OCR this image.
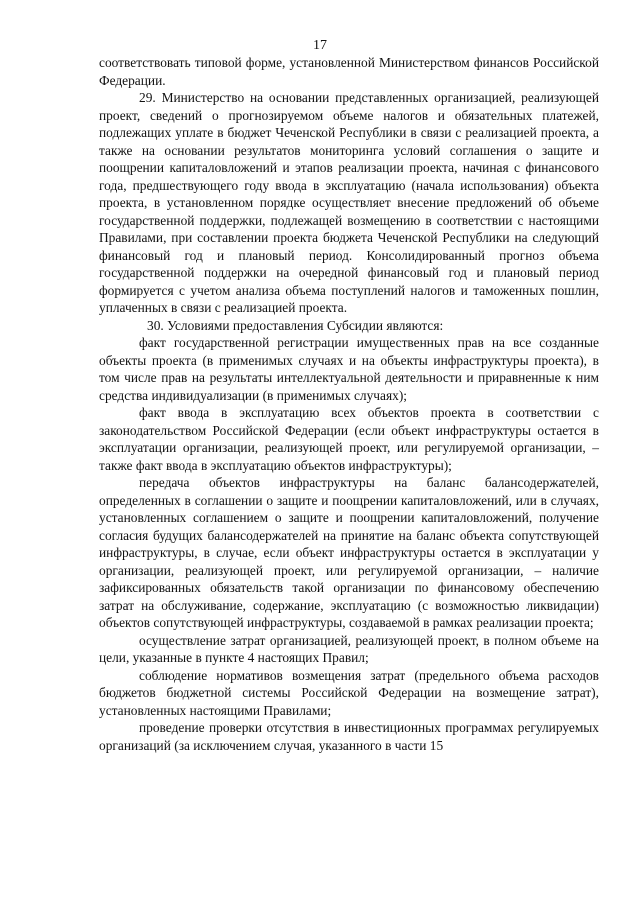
17

соответствовать типовой форме, установленной Министерством финансов Российской Федерации.

29. Министерство на основании представленных организацией, реализующей проект, сведений о прогнозируемом объеме налогов и обязательных платежей, подлежащих уплате в бюджет Чеченской Республики в связи с реализацией проекта, а также на основании результатов мониторинга условий соглашения о защите и поощрении капиталовложений и этапов реализации проекта, начиная с финансового года, предшествующего году ввода в эксплуатацию (начала использования) объекта проекта, в установленном порядке осуществляет внесение предложений об объеме государственной поддержки, подлежащей возмещению в соответствии с настоящими Правилами, при составлении проекта бюджета Чеченской Республики на следующий финансовый год и плановый период. Консолидированный прогноз объема государственной поддержки на очередной финансовый год и плановый период формируется с учетом анализа объема поступлений налогов и таможенных пошлин, уплаченных в связи с реализацией проекта.

30. Условиями предоставления Субсидии являются:

факт государственной регистрации имущественных прав на все созданные объекты проекта (в применимых случаях и на объекты инфраструктуры проекта), в том числе прав на результаты интеллектуальной деятельности и приравненные к ним средства индивидуализации (в применимых случаях);

факт ввода в эксплуатацию всех объектов проекта в соответствии с законодательством Российской Федерации (если объект инфраструктуры остается в эксплуатации организации, реализующей проект, или регулируемой организации, – также факт ввода в эксплуатацию объектов инфраструктуры);

передача объектов инфраструктуры на баланс балансодержателей, определенных в соглашении о защите и поощрении капиталовложений, или в случаях, установленных соглашением о защите и поощрении капиталовложений, получение согласия будущих балансодержателей на принятие на баланс объекта сопутствующей инфраструктуры, в случае, если объект инфраструктуры остается в эксплуатации у организации, реализующей проект, или регулируемой организации, – наличие зафиксированных обязательств такой организации по финансовому обеспечению затрат на обслуживание, содержание, эксплуатацию (с возможностью ликвидации) объектов сопутствующей инфраструктуры, создаваемой в рамках реализации проекта;

осуществление затрат организацией, реализующей проект, в полном объеме на цели, указанные в пункте 4 настоящих Правил;

соблюдение нормативов возмещения затрат (предельного объема расходов бюджетов бюджетной системы Российской Федерации на возмещение затрат), установленных настоящими Правилами;

проведение проверки отсутствия в инвестиционных программах регулируемых организаций (за исключением случая, указанного в части 15
